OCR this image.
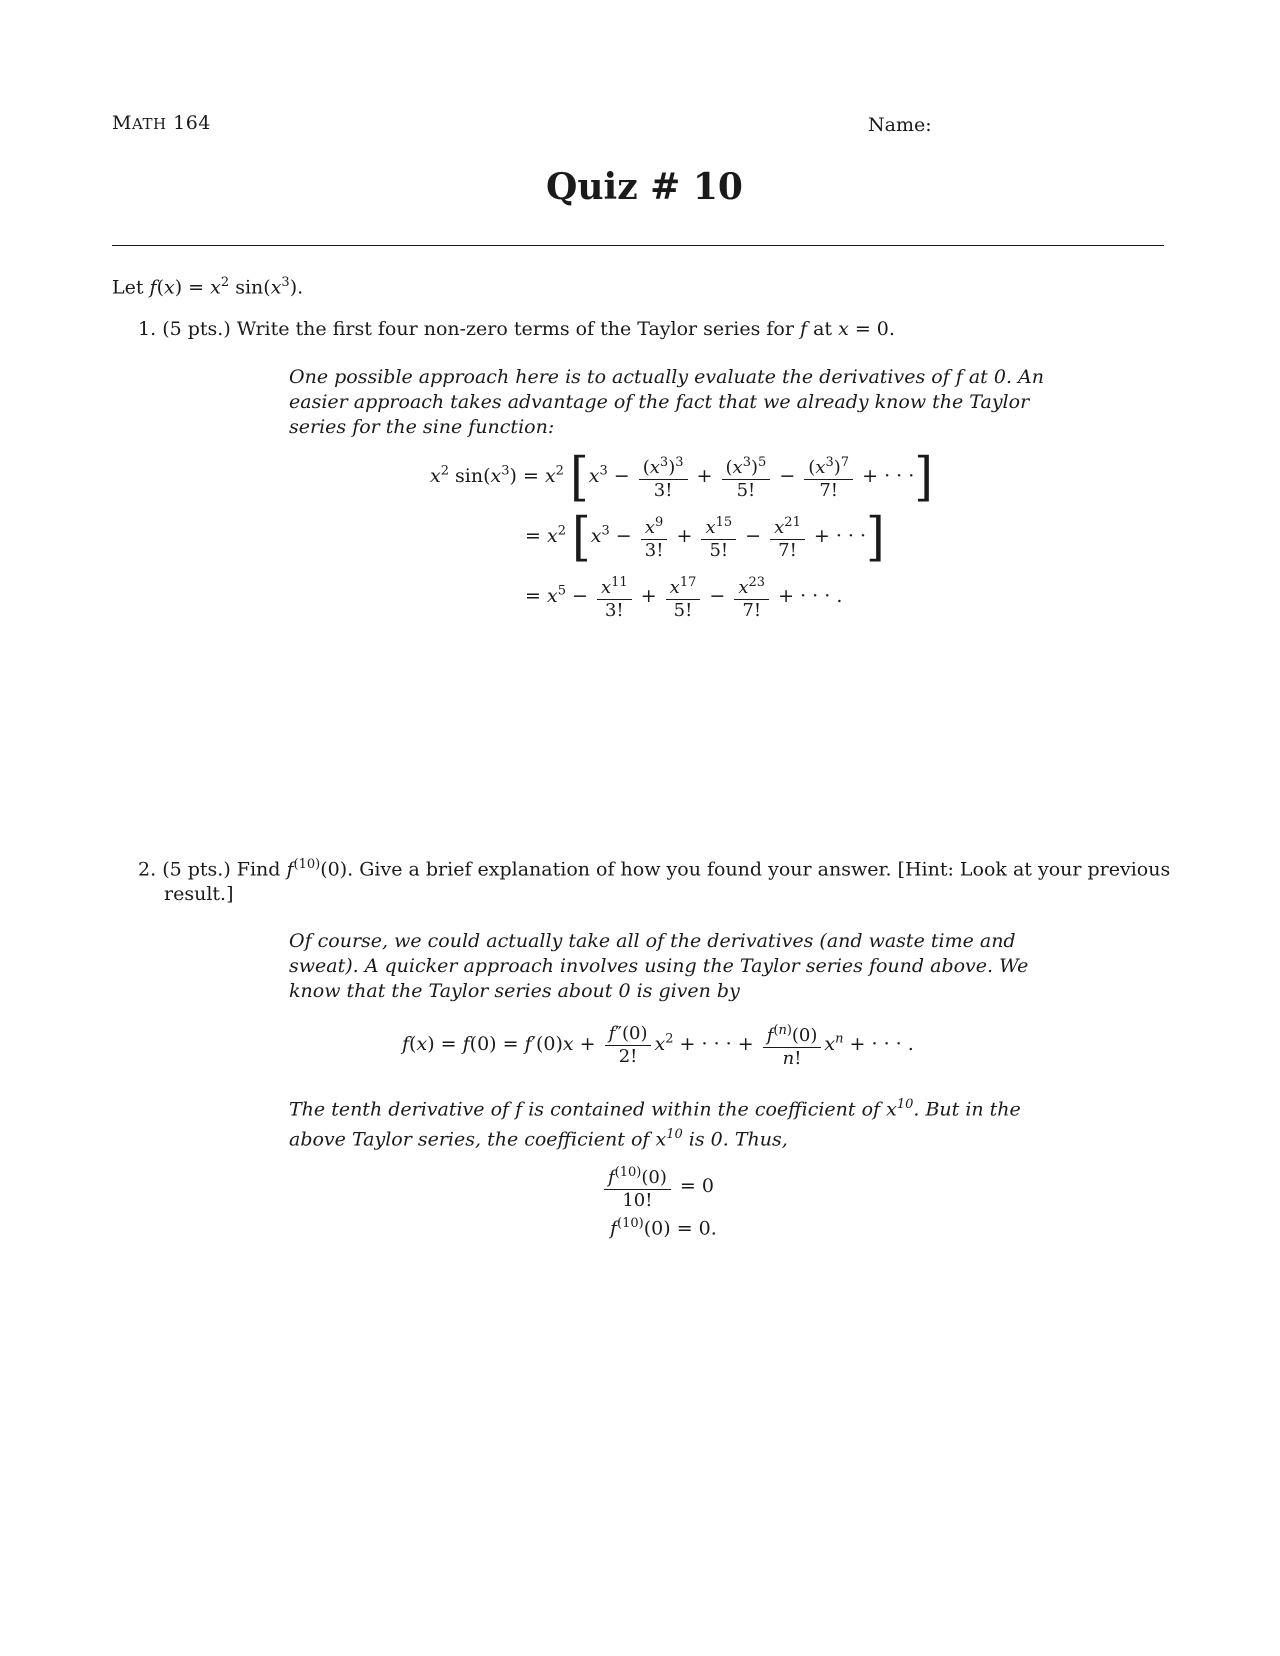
MATH 164	Name:
Quiz # 10
Let $f(x) = x^2$ $\sin(x^3)$.
1. (5 pts.) Write the first four non-zero terms of the Taylor series for f at x = 0.
One possible approach here is to actually evaluate the derivatives of f at 0. An easier approach takes advantage of the fact that we already know the Taylor series for the sine function:
$x^2$ $\sin(x^3) = x^2$ [$x^3 - \frac{(x^3)^3}{3!} + \frac{(x^3)^5}{5!} - \frac{(x^3)^7}{7!}$ + · · ·]
= $x^2$ [$x^3 - \frac{x^9}{3!} + \frac{x^{15}}{5!} - \frac{x^{21}}{7!}$ + · · ·]
= $x^5 - \frac{x^{11}}{3!} + \frac{x^{17}}{5!} - \frac{x^{23}}{7!}$ + · · · .
2. (5 pts.) Find $f^{(10)}(0)$. Give a brief explanation of how you found your answer. [Hint: Look at your previous result.]
Of course, we could actually take all of the derivatives (and waste time and sweat). A quicker approach involves using the Taylor series found above. We know that the Taylor series about 0 is given by
$f(x) = f(0) = f'(0)x + \frac{f''(0)}{2!} x^2$ + · · · + $\frac{f^{(n)}(0)}{n!} x^n$ + · · · .
The tenth derivative of f is contained within the coefficient of $x^{10}$. But in the above Taylor series, the coefficient of $x^{10}$ is 0. Thus,
$\frac{f^{(10)}(0)}{10!} = 0$
$f^{(10)}(0) = 0$.
